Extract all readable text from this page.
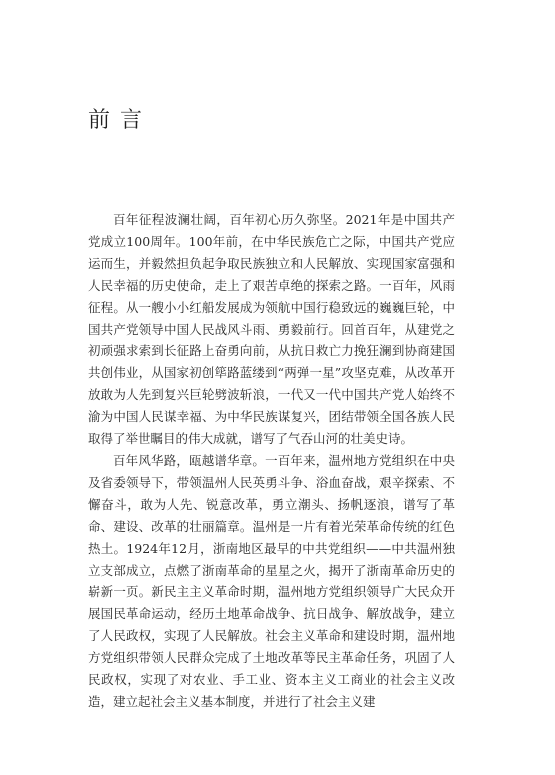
前言

百年征程波澜壮阔，百年初心历久弥坚。2021年是中国共产党成立100周年。100年前，在中华民族危亡之际，中国共产党应运而生，并毅然担负起争取民族独立和人民解放、实现国家富强和人民幸福的历史使命，走上了艰苦卓绝的探索之路。一百年，风雨征程。从一艘小小红船发展成为领航中国行稳致远的巍巍巨轮，中国共产党领导中国人民战风斗雨、勇毅前行。回首百年，从建党之初顽强求索到长征路上奋勇向前，从抗日救亡力挽狂澜到协商建国共创伟业，从国家初创筚路蓝缕到“两弹一星”攻坚克难，从改革开放敢为人先到复兴巨轮劈波斩浪，一代又一代中国共产党人始终不渝为中国人民谋幸福、为中华民族谋复兴，团结带领全国各族人民取得了举世瞩目的伟大成就，谱写了气吞山河的壮美史诗。

百年风华路，瓯越谱华章。一百年来，温州地方党组织在中央及省委领导下，带领温州人民英勇斗争、浴血奋战，艰辛探索、不懈奋斗，敢为人先、锐意改革，勇立潮头、扬帆逐浪，谱写了革命、建设、改革的壮丽篇章。温州是一片有着光荣革命传统的红色热土。1924年12月，浙南地区最早的中共党组织——中共温州独立支部成立，点燃了浙南革命的星星之火，揭开了浙南革命历史的崭新一页。新民主主义革命时期，温州地方党组织领导广大民众开展国民革命运动，经历土地革命战争、抗日战争、解放战争，建立了人民政权，实现了人民解放。社会主义革命和建设时期，温州地方党组织带领人民群众完成了土地改革等民主革命任务，巩固了人民政权，实现了对农业、手工业、资本主义工商业的社会主义改造，建立起社会主义基本制度，并进行了社会主义建
